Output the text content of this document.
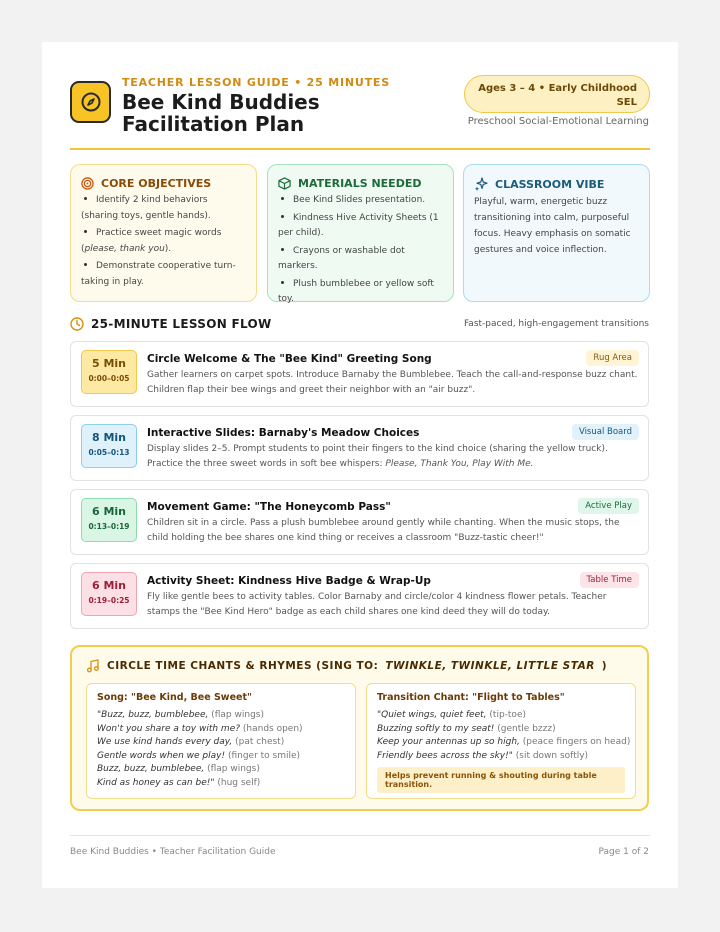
TEACHER LESSON GUIDE • 25 MINUTES
Bee Kind Buddies Facilitation Plan
Ages 3 – 4 • Early Childhood SEL
Preschool Social-Emotional Learning
CORE OBJECTIVES
Identify 2 kind behaviors (sharing toys, gentle hands).
Practice sweet magic words (please, thank you).
Demonstrate cooperative turn-taking in play.
MATERIALS NEEDED
Bee Kind Slides presentation.
Kindness Hive Activity Sheets (1 per child).
Crayons or washable dot markers.
Plush bumblebee or yellow soft toy.
CLASSROOM VIBE

Playful, warm, energetic buzz transitioning into calm, purposeful focus. Heavy emphasis on somatic gestures and voice inflection.

25-MINUTE LESSON FLOW	Fast-paced, high-engagement transitions
5 Min
0:00–0:05
Circle Welcome & The "Bee Kind" Greeting Song	Rug Area
Gather learners on carpet spots. Introduce Barnaby the Bumblebee. Teach the call-and-response buzz chant. Children flap their bee wings and greet their neighbor with an "air buzz".
8 Min
0:05–0:13
Interactive Slides: Barnaby's Meadow Choices	Visual Board
Display slides 2–5. Prompt students to point their fingers to the kind choice (sharing the yellow truck). Practice the three sweet words in soft bee whispers: Please, Thank You, Play With Me.
6 Min
0:13–0:19
Movement Game: "The Honeycomb Pass"	Active Play
Children sit in a circle. Pass a plush bumblebee around gently while chanting. When the music stops, the child holding the bee shares one kind thing or receives a classroom "Buzz-tastic cheer!"
6 Min
0:19–0:25
Activity Sheet: Kindness Hive Badge & Wrap-Up	Table Time
Fly like gentle bees to activity tables. Color Barnaby and circle/color 4 kindness flower petals. Teacher stamps the "Bee Kind Hero" badge as each child shares one kind deed they will do today.
CIRCLE TIME CHANTS & RHYMES (SING TO: TWINKLE, TWINKLE, LITTLE STAR )
Song: "Bee Kind, Bee Sweet"
"Buzz, buzz, bumblebee, (flap wings)
Won't you share a toy with me? (hands open)
We use kind hands every day, (pat chest)
Gentle words when we play! (finger to smile)
Buzz, buzz, bumblebee, (flap wings)
Kind as honey as can be!" (hug self)
Transition Chant: "Flight to Tables"
"Quiet wings, quiet feet, (tip-toe)
Buzzing softly to my seat! (gentle bzzz)
Keep your antennas up so high, (peace fingers on head)
Friendly bees across the sky!" (sit down softly)
Helps prevent running & shouting during table transition.
Bee Kind Buddies • Teacher Facilitation Guide	Page 1 of 2
